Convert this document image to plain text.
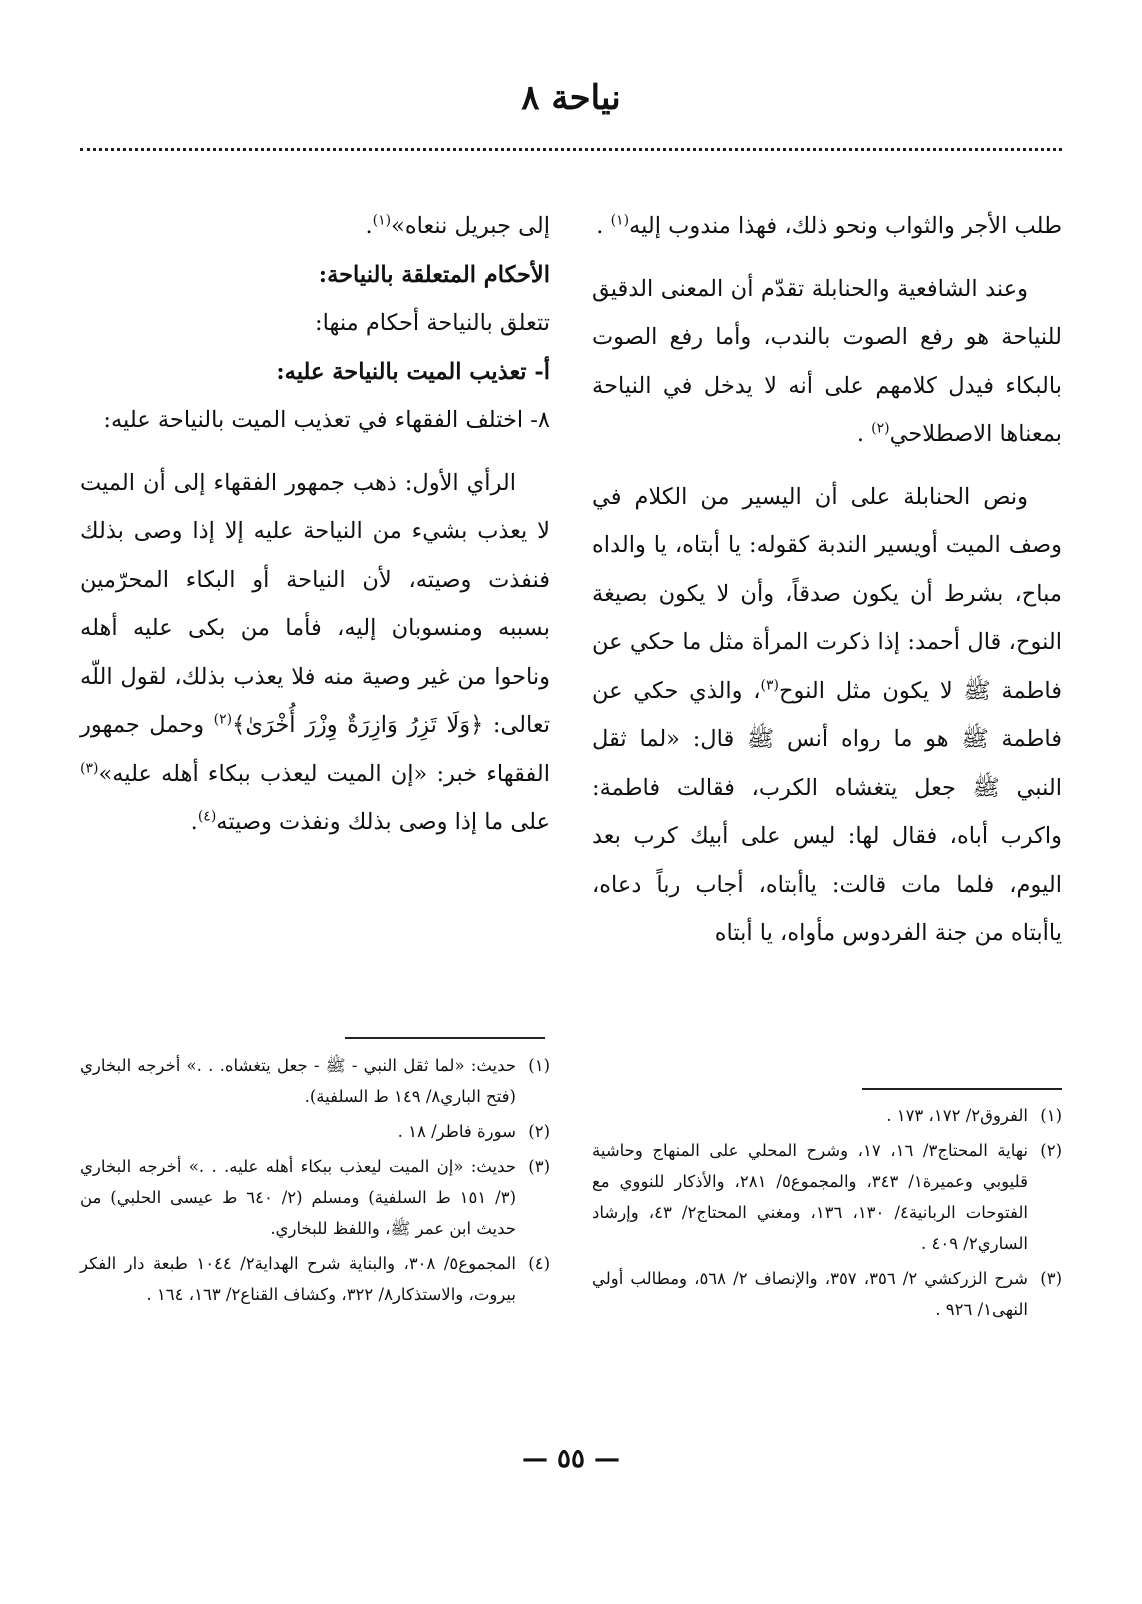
نياحة ٨

طلب الأجر والثواب ونحو ذلك، فهذا مندوب إليه$^{(١)}$ .

وعند الشافعية والحنابلة تقدّم أن المعنى الدقيق للنياحة هو رفع الصوت بالندب، وأما رفع الصوت بالبكاء فيدل كلامهم على أنه لا يدخل في النياحة بمعناها الاصطلاحي$^{(٢)}$ .

ونص الحنابلة على أن اليسير من الكلام في وصف الميت أويسير الندبة كقوله: يا أبتاه، يا والداه مباح، بشرط أن يكون صدقاً، وأن لا يكون بصيغة النوح، قال أحمد: إذا ذكرت المرأة مثل ما حكي عن فاطمة ﷺ لا يكون مثل النوح$^{(٣)}$، والذي حكي عن فاطمة ﷺ هو ما رواه أنس ﷺ قال: «لما ثقل النبي ﷺ جعل يتغشاه الكرب، فقالت فاطمة: واكرب أباه، فقال لها: ليس على أبيك كرب بعد اليوم، فلما مات قالت: ياأبتاه، أجاب رباً دعاه، ياأبتاه من جنة الفردوس مأواه، يا أبتاه

إلى جبريل ننعاه»$^{(١)}$.

الأحكام المتعلقة بالنياحة:

تتعلق بالنياحة أحكام منها:

أ- تعذيب الميت بالنياحة عليه:

٨- اختلف الفقهاء في تعذيب الميت بالنياحة عليه:

الرأي الأول: ذهب جمهور الفقهاء إلى أن الميت لا يعذب بشيء من النياحة عليه إلا إذا وصى بذلك فنفذت وصيته، لأن النياحة أو البكاء المحرّمين بسببه ومنسوبان إليه، فأما من بكى عليه أهله وناحوا من غير وصية منه فلا يعذب بذلك، لقول اللّه تعالى: ﴿وَلَا تَزِرُ وَازِرَةٌ وِزْرَ أُخْرَىٰ﴾$^{(٢)}$ وحمل جمهور الفقهاء خبر: «إن الميت ليعذب ببكاء أهله عليه»$^{(٣)}$ على ما إذا وصى بذلك ونفذت وصيته$^{(٤)}$.

(١)
الفروق٢/ ١٧٢، ١٧٣ .
(٢)
نهاية المحتاج٣/ ١٦، ١٧، وشرح المحلي على المنهاج وحاشية قليوبي وعميرة١/ ٣٤٣، والمجموع٥/ ٢٨١، والأذكار للنووي مع الفتوحات الربانية٤/ ١٣٠، ١٣٦، ومغني المحتاج٢/ ٤٣، وإرشاد الساري٢/ ٤٠٩ .
(٣)
شرح الزركشي ٢/ ٣٥٦، ٣٥٧، والإنصاف ٢/ ٥٦٨، ومطالب أولي النهى١/ ٩٢٦ .
(١)
حديث: «لما ثقل النبي - ﷺ - جعل يتغشاه. . .» أخرجه البخاري (فتح الباري٨/ ١٤٩ ط السلفية).
(٢)
سورة فاطر/ ١٨ .
(٣)
حديث: «إن الميت ليعذب ببكاء أهله عليه. . .» أخرجه البخاري (٣/ ١٥١ ط السلفية) ومسلم (٢/ ٦٤٠ ط عيسى الحلبي) من حديث ابن عمر ﷺ، واللفظ للبخاري.
(٤)
المجموع٥/ ٣٠٨، والبناية شرح الهداية٢/ ١٠٤٤ طبعة دار الفكر بيروت، والاستذكار٨/ ٣٢٢، وكشاف القناع٢/ ١٦٣، ١٦٤ .
— ٥٥ —
